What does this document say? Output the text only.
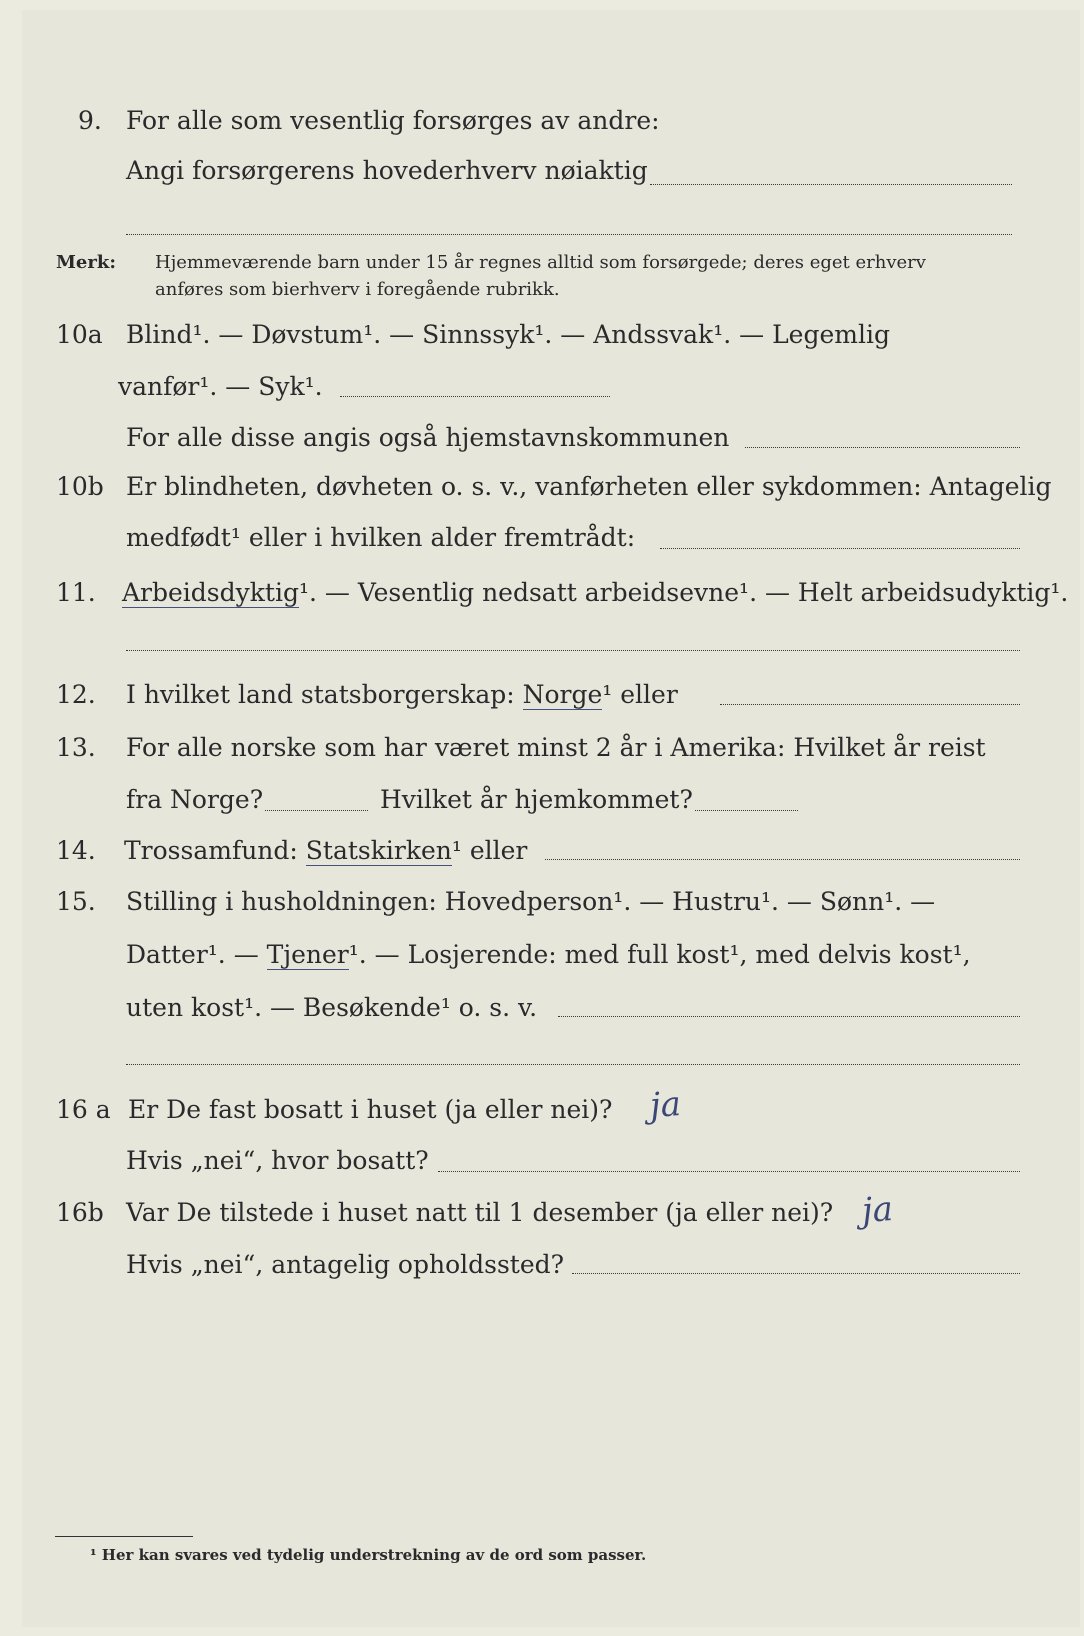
9. For alle som vesentlig forsørges av andre:
Angi forsørgerens hovederhverv nøiaktig
Merk: Hjemmeværende barn under 15 år regnes alltid som forsørgede; deres eget erhverv
anføres som bierhverv i foregående rubrikk.
10a Blind¹. — Døvstum¹. — Sinnssyk¹. — Andssvak¹. — Legemlig
vanfør¹. — Syk¹.
For alle disse angis også hjemstavnskommunen
10b Er blindheten, døvheten o. s. v., vanførheten eller sykdommen: Antagelig
medfødt¹ eller i hvilken alder fremtrådt:
11.	Arbeidsdyktig¹. — Vesentlig nedsatt arbeidsevne¹. — Helt arbeidsudyktig¹.
12.	I hvilket land statsborgerskap: Norge¹ eller
13.	For alle norske som har været minst 2 år i Amerika: Hvilket år reist
fra Norge?	Hvilket år hjemkommet?
14.	Trossamfund: Statskirken¹ eller
15.	Stilling i husholdningen: Hovedperson¹. — Hustru¹. — Sønn¹. —
Datter¹. — Tjener¹. — Losjerende: med full kost¹, med delvis kost¹,
uten kost¹. — Besøkende¹ o. s. v.
16 a Er De fast bosatt i huset (ja eller nei)? ja
Hvis „nei“, hvor bosatt?
16b Var De tilstede i huset natt til 1 desember (ja eller nei)? ja
Hvis „nei“, antagelig opholdssted?
¹ Her kan svares ved tydelig understrekning av de ord som passer.
